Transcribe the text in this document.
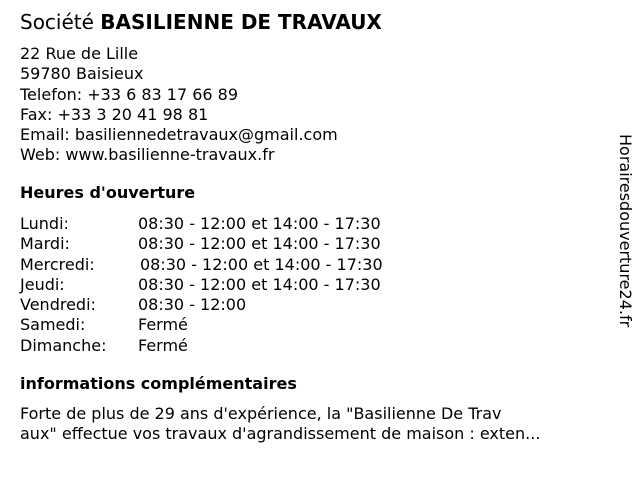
Société BASILIENNE DE TRAVAUX
22 Rue de Lille
59780 Baisieux
Telefon: +33 6 83 17 66 89
Fax: +33 3 20 41 98 81
Email: basiliennedetravaux@gmail.com
Web: www.basilienne-travaux.fr
Heures d'ouverture
Lundi:	08:30 - 12:00 et 14:00 - 17:30
Mardi:	08:30 - 12:00 et 14:00 - 17:30
Mercredi:	08:30 - 12:00 et 14:00 - 17:30
Jeudi:	08:30 - 12:00 et 14:00 - 17:30
Vendredi:	08:30 - 12:00
Samedi:	Fermé
Dimanche: Fermé
informations complémentaires
Forte de plus de 29 ans d'expérience, la "Basilienne De Trav
aux" effectue vos travaux d'agrandissement de maison : exten...
Horairesdouverture24.fr
